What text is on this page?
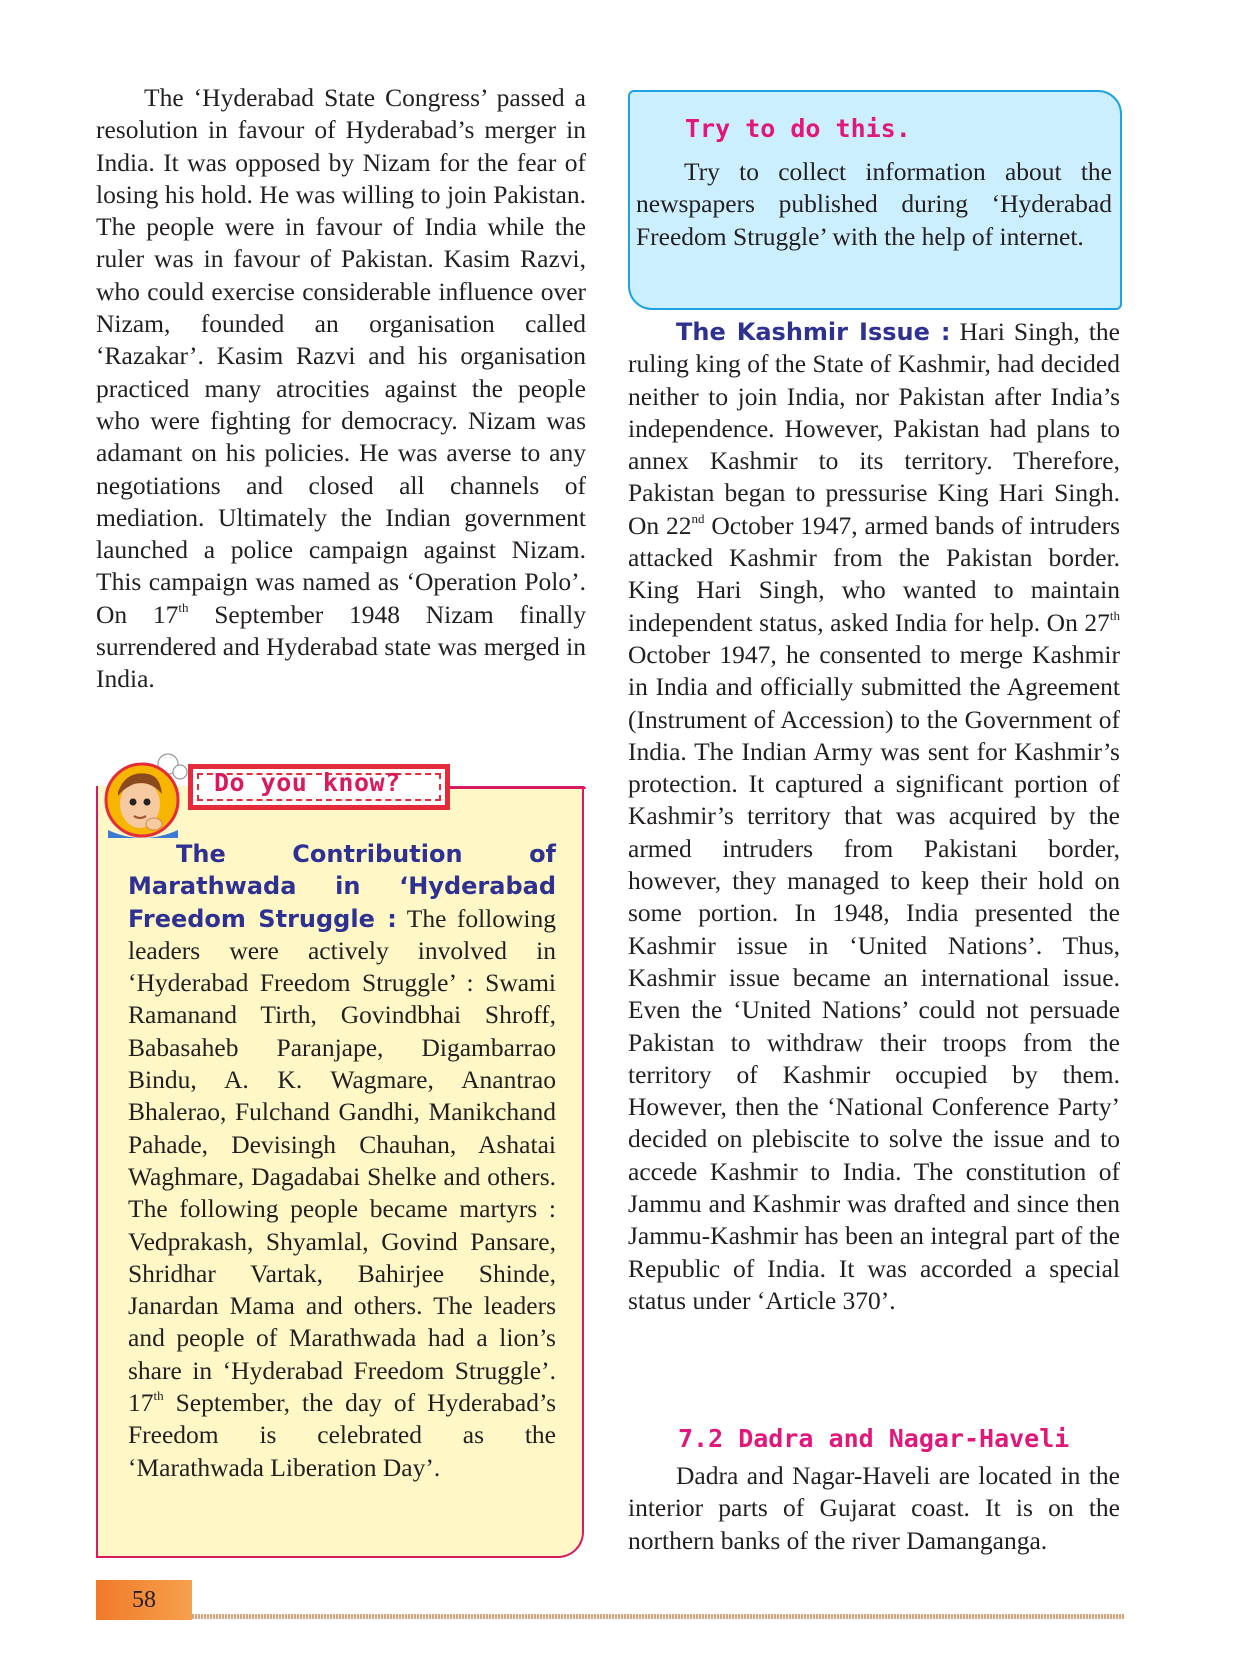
The ‘Hyderabad State Congress’ passed a resolution in favour of Hyderabad’s merger in India. It was opposed by Nizam for the fear of losing his hold. He was willing to join Pakistan. The people were in favour of India while the ruler was in favour of Pakistan. Kasim Razvi, who could exercise considerable influence over Nizam, founded an organisation called ‘Razakar’. Kasim Razvi and his organisation practiced many atrocities against the people who were fighting for democracy. Nizam was adamant on his policies. He was averse to any negotiations and closed all channels of mediation. Ultimately the Indian government launched a police campaign against Nizam. This campaign was named as ‘Operation Polo’. On 17th September 1948 Nizam finally surrendered and Hyderabad state was merged in India.

Do you know?

The Contribution of Marathwada in ‘Hyderabad Freedom Struggle : The following leaders were actively involved in ‘Hyderabad Freedom Struggle’ : Swami Ramanand Tirth, Govindbhai Shroff, Babasaheb Paranjape, Digambarrao Bindu, A. K. Wagmare, Anantrao Bhalerao, Fulchand Gandhi, Manikchand Pahade, Devisingh Chauhan, Ashatai Waghmare, Dagadabai Shelke and others. The following people became martyrs : Vedprakash, Shyamlal, Govind Pansare, Shridhar Vartak, Bahirjee Shinde, Janardan Mama and others. The leaders and people of Marathwada had a lion’s share in ‘Hyderabad Freedom Struggle’. 17th September, the day of Hyderabad’s Freedom is celebrated as the ‘Marathwada Liberation Day’.

Try to do this.

Try to collect information about the newspapers published during ‘Hyderabad Freedom Struggle’ with the help of internet.

The Kashmir Issue : Hari Singh, the ruling king of the State of Kashmir, had decided neither to join India, nor Pakistan after India’s independence. However, Pakistan had plans to annex Kashmir to its territory. Therefore, Pakistan began to pressurise King Hari Singh. On 22nd October 1947, armed bands of intruders attacked Kashmir from the Pakistan border. King Hari Singh, who wanted to maintain independent status, asked India for help. On 27th October 1947, he consented to merge Kashmir in India and officially submitted the Agreement (Instrument of Accession) to the Government of India. The Indian Army was sent for Kashmir’s protection. It captured a significant portion of Kashmir’s territory that was acquired by the armed intruders from Pakistani border, however, they managed to keep their hold on some portion. In 1948, India presented the Kashmir issue in ‘United Nations’. Thus, Kashmir issue became an international issue. Even the ‘United Nations’ could not persuade Pakistan to withdraw their troops from the territory of Kashmir occupied by them. However, then the ‘National Conference Party’ decided on plebiscite to solve the issue and to accede Kashmir to India. The constitution of Jammu and Kashmir was drafted and since then Jammu-Kashmir has been an integral part of the Republic of India. It was accorded a special status under ‘Article 370’.

7.2 Dadra and Nagar-Haveli

Dadra and Nagar-Haveli are located in the interior parts of Gujarat coast. It is on the northern banks of the river Damanganga.

58
